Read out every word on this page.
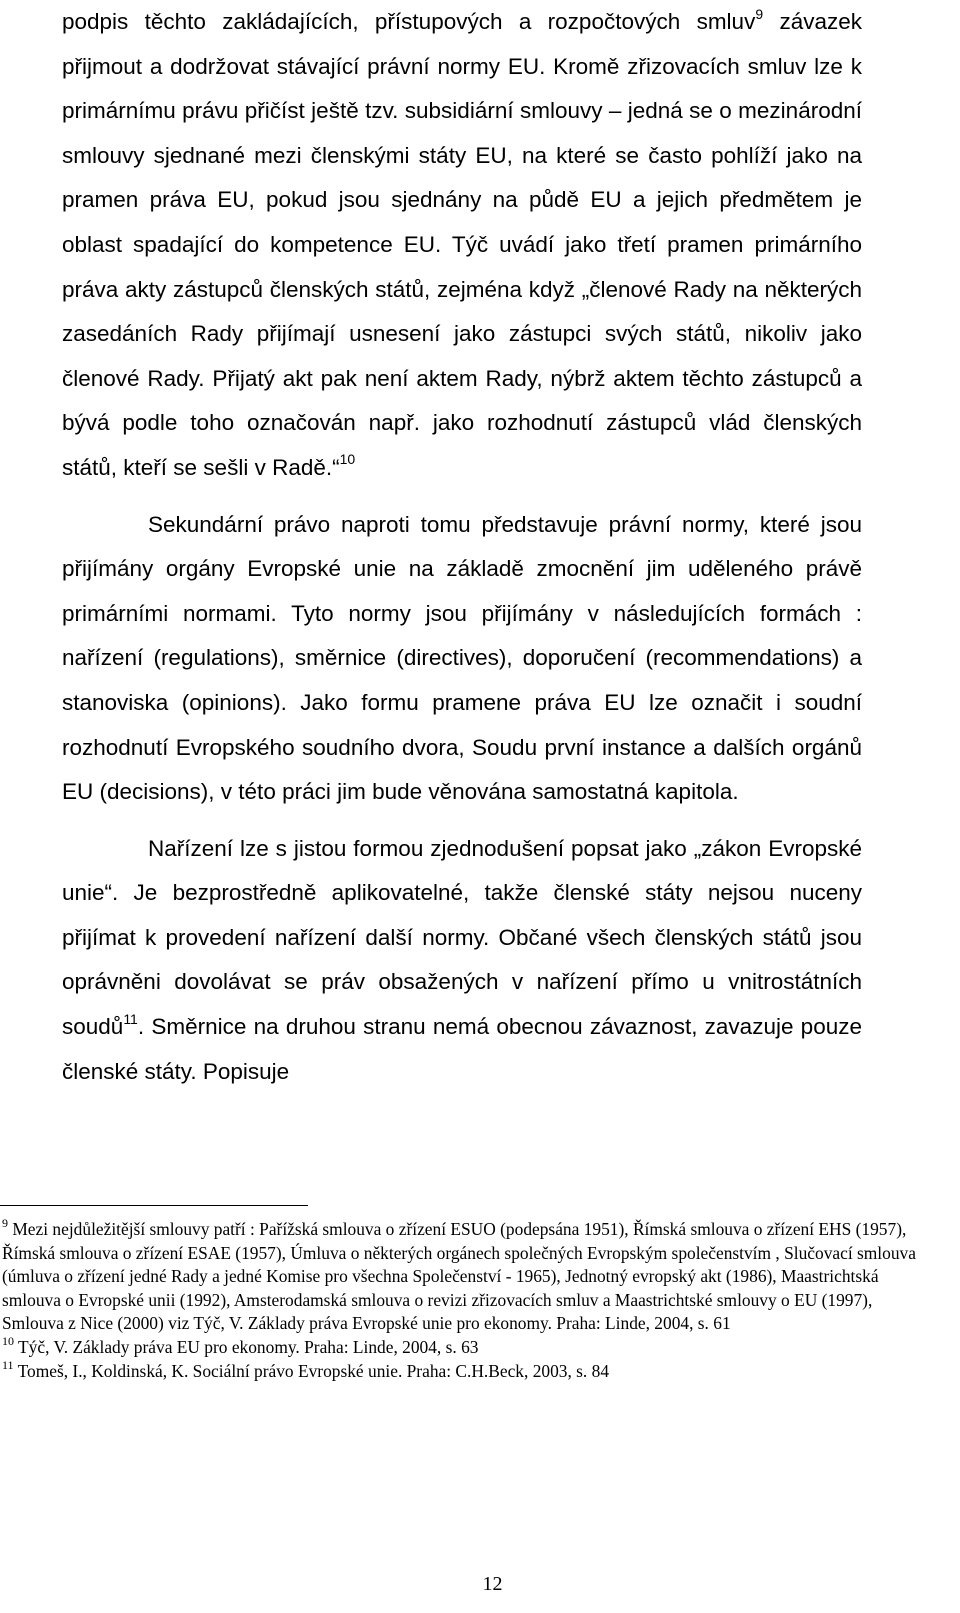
podpis těchto zakládajících, přístupových a rozpočtových smluv$^9$ závazek přijmout a dodržovat stávající právní normy EU. Kromě zřizovacích smluv lze k primárnímu právu přičíst ještě tzv. subsidiární smlouvy – jedná se o mezinárodní smlouvy sjednané mezi členskými státy EU, na které se často pohlíží jako na pramen práva EU, pokud jsou sjednány na půdě EU a jejich předmětem je oblast spadající do kompetence EU. Týč uvádí jako třetí pramen primárního práva akty zástupců členských států, zejména když „členové Rady na některých zasedáních Rady přijímají usnesení jako zástupci svých států, nikoliv jako členové Rady. Přijatý akt pak není aktem Rady, nýbrž aktem těchto zástupců a bývá podle toho označován např. jako rozhodnutí zástupců vlád členských států, kteří se sešli v Radě.“$^{10}$

Sekundární právo naproti tomu představuje právní normy, které jsou přijímány orgány Evropské unie na základě zmocnění jim uděleného právě primárními normami. Tyto normy jsou přijímány v následujících formách : nařízení (regulations), směrnice (directives), doporučení (recommendations) a stanoviska (opinions). Jako formu pramene práva EU lze označit i soudní rozhodnutí Evropského soudního dvora, Soudu první instance a dalších orgánů EU (decisions), v této práci jim bude věnována samostatná kapitola.

Nařízení lze s jistou formou zjednodušení popsat jako „zákon Evropské unie“. Je bezprostředně aplikovatelné, takže členské státy nejsou nuceny přijímat k provedení nařízení další normy. Občané všech členských států jsou oprávněni dovolávat se práv obsažených v nařízení přímo u vnitrostátních soudů$^{11}$. Směrnice na druhou stranu nemá obecnou závaznost, zavazuje pouze členské státy. Popisuje

$^9$ Mezi nejdůležitější smlouvy patří : Pařížská smlouva o zřízení ESUO (podepsána 1951), Římská smlouva o zřízení EHS (1957), Římská smlouva o zřízení ESAE (1957), Úmluva o některých orgánech společných Evropským společenstvím , Slučovací smlouva (úmluva o zřízení jedné Rady a jedné Komise pro všechna Společenství - 1965), Jednotný evropský akt (1986), Maastrichtská smlouva o Evropské unii (1992), Amsterodamská smlouva o revizi zřizovacích smluv a Maastrichtské smlouvy o EU (1997), Smlouva z Nice (2000) viz Týč, V. Základy práva Evropské unie pro ekonomy. Praha: Linde, 2004, s. 61

$^{10}$ Týč, V. Základy práva EU pro ekonomy. Praha: Linde, 2004, s. 63

$^{11}$ Tomeš, I., Koldinská, K. Sociální právo Evropské unie. Praha: C.H.Beck, 2003, s. 84

12
